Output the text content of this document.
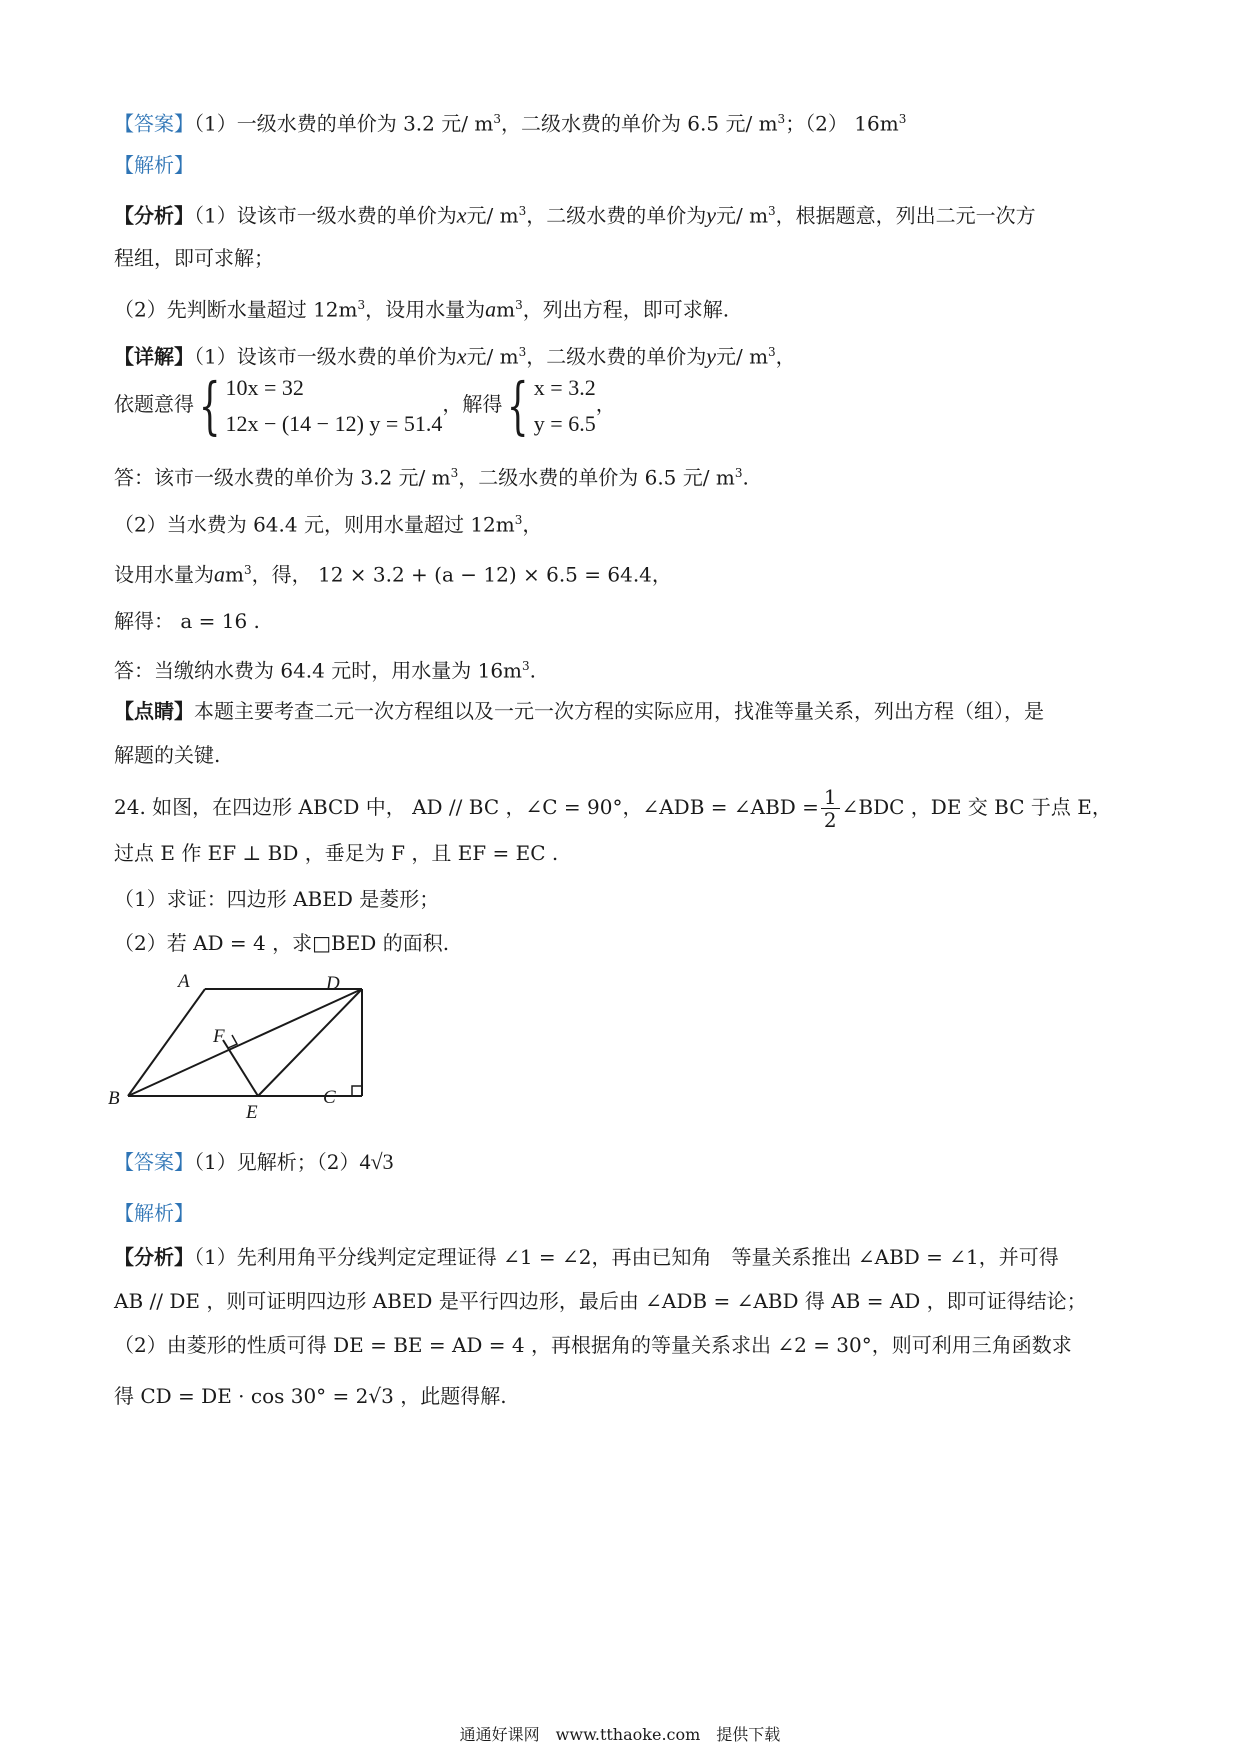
【答案】（1）一级水费的单价为 3.2 元/ $m^3$，二级水费的单价为 6.5 元/ $m^3$；（2） $16m^3$
【解析】
【分析】（1）设该市一级水费的单价为x元/ $m^3$，二级水费的单价为y元/ $m^3$，根据题意，列出二元一次方
程组，即可求解；
（2）先判断水量超过 $12m^3$，设用水量为$am^3$，列出方程，即可求解.
【详解】（1）设该市一级水费的单价为x元/ $m^3$，二级水费的单价为y元/ $m^3$，
依题意得{ 10x = 32
12x − (14 − 12) y = 51.4
，解得{ x = 3.2
y = 6.5
，
答：该市一级水费的单价为 3.2 元/ $m^3$，二级水费的单价为 6.5 元/ $m^3$.
（2）当水费为 64.4 元，则用水量超过 $12m^3$，
设用水量为$am^3$，得， 12 × 3.2 + (a − 12) × 6.5 = 64.4，
解得： a = 16 .
答：当缴纳水费为 64.4 元时，用水量为 $16m^3$.
【点睛】本题主要考查二元一次方程组以及一元一次方程的实际应用，找准等量关系，列出方程（组），是
解题的关键.
24. 如图，在四边形 ABCD 中， AD // BC ，∠C = 90°，∠ADB = ∠ABD = $\frac{1}{2}$ ∠BDC ，DE 交 BC 于点 E，
过点 E 作 EF ⊥ BD ，垂足为 F ，且 EF = EC .
（1）求证：四边形 ABED 是菱形；
（2）若 AD = 4 ，求□BED 的面积.
A	D
F
B
E
C
【答案】（1）见解析；（2）4√3
【解析】
【分析】（1）先利用角平分线判定定理证得 ∠1 = ∠2，再由已知角　等量关系推出 ∠ABD = ∠1，并可得
AB // DE ，则可证明四边形 ABED 是平行四边形，最后由 ∠ADB = ∠ABD 得 AB = AD ，即可证得结论；
（2）由菱形的性质可得 DE = BE = AD = 4 ，再根据角的等量关系求出 ∠2 = 30°，则可利用三角函数求
得 CD = DE · cos 30° = 2√3 ，此题得解.
通通好课网　www.tthaoke.com　提供下载
